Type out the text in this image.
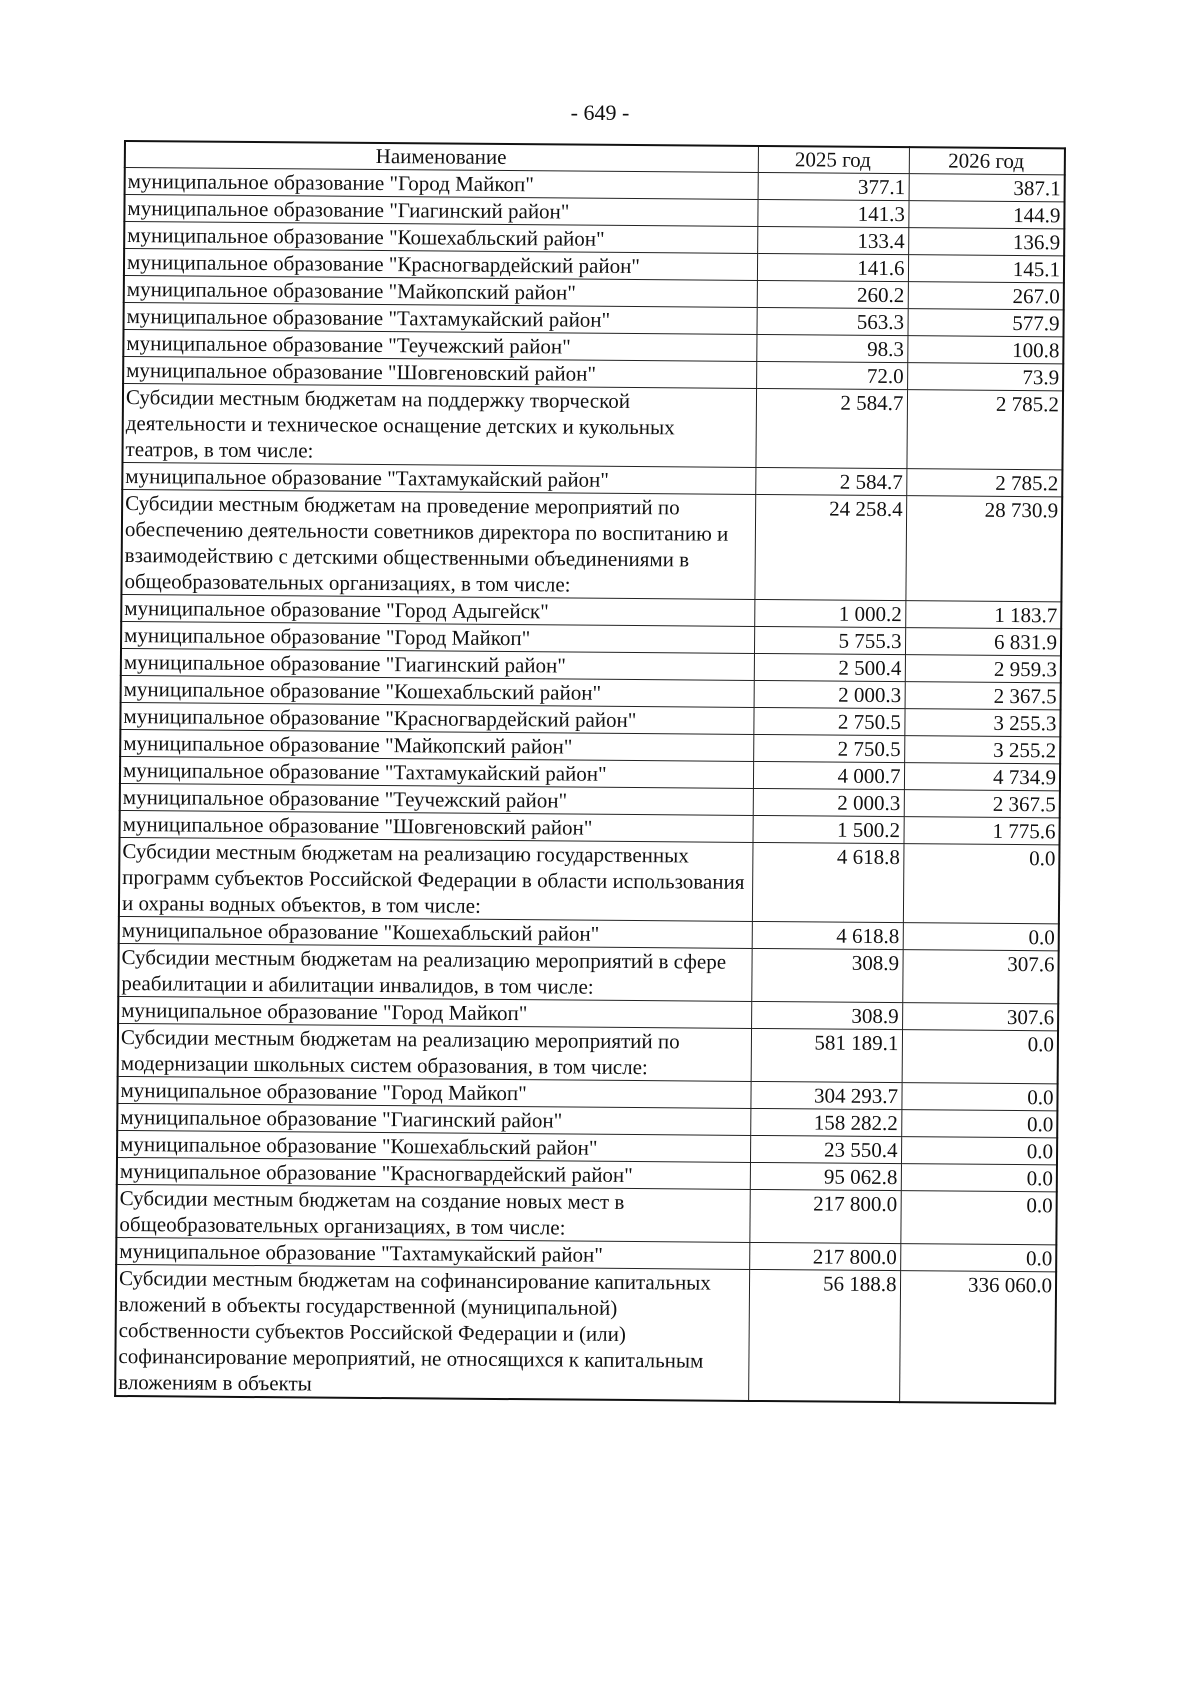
- 649 -
Наименование	2025 год	2026 год
муниципальное образование "Город Майкоп"	377.1	387.1
муниципальное образование "Гиагинский район"	141.3	144.9
муниципальное образование "Кошехабльский район"	133.4	136.9
муниципальное образование "Красногвардейский район"	141.6	145.1
муниципальное образование "Майкопский район"	260.2	267.0
муниципальное образование "Тахтамукайский район"	563.3	577.9
муниципальное образование "Теучежский район"	98.3	100.8
муниципальное образование "Шовгеновский район"	72.0	73.9
Субсидии местным бюджетам на поддержку творческой деятельности и техническое оснащение детских и кукольных театров, в том числе:	2 584.7	2 785.2
муниципальное образование "Тахтамукайский район"	2 584.7	2 785.2
Субсидии местным бюджетам на проведение мероприятий по обеспечению деятельности советников директора по воспитанию и взаимодействию с детскими общественными объединениями в общеобразовательных организациях, в том числе:	24 258.4	28 730.9
муниципальное образование "Город Адыгейск"	1 000.2	1 183.7
муниципальное образование "Город Майкоп"	5 755.3	6 831.9
муниципальное образование "Гиагинский район"	2 500.4	2 959.3
муниципальное образование "Кошехабльский район"	2 000.3	2 367.5
муниципальное образование "Красногвардейский район"	2 750.5	3 255.3
муниципальное образование "Майкопский район"	2 750.5	3 255.2
муниципальное образование "Тахтамукайский район"	4 000.7	4 734.9
муниципальное образование "Теучежский район"	2 000.3	2 367.5
муниципальное образование "Шовгеновский район"	1 500.2	1 775.6
Субсидии местным бюджетам на реализацию государственных программ субъектов Российской Федерации в области использования и охраны водных объектов, в том числе:	4 618.8	0.0
муниципальное образование "Кошехабльский район"	4 618.8	0.0
Субсидии местным бюджетам на реализацию мероприятий в сфере реабилитации и абилитации инвалидов, в том числе:	308.9	307.6
муниципальное образование "Город Майкоп"	308.9	307.6
Субсидии местным бюджетам на реализацию мероприятий по модернизации школьных систем образования, в том числе:	581 189.1	0.0
муниципальное образование "Город Майкоп"	304 293.7	0.0
муниципальное образование "Гиагинский район"	158 282.2	0.0
муниципальное образование "Кошехабльский район"	23 550.4	0.0
муниципальное образование "Красногвардейский район"	95 062.8	0.0
Субсидии местным бюджетам на создание новых мест в общеобразовательных организациях, в том числе:	217 800.0	0.0
муниципальное образование "Тахтамукайский район"	217 800.0	0.0
Субсидии местным бюджетам на софинансирование капитальных вложений в объекты государственной (муниципальной) собственности субъектов Российской Федерации и (или) софинансирование мероприятий, не относящихся к капитальным вложениям в объекты	56 188.8	336 060.0
